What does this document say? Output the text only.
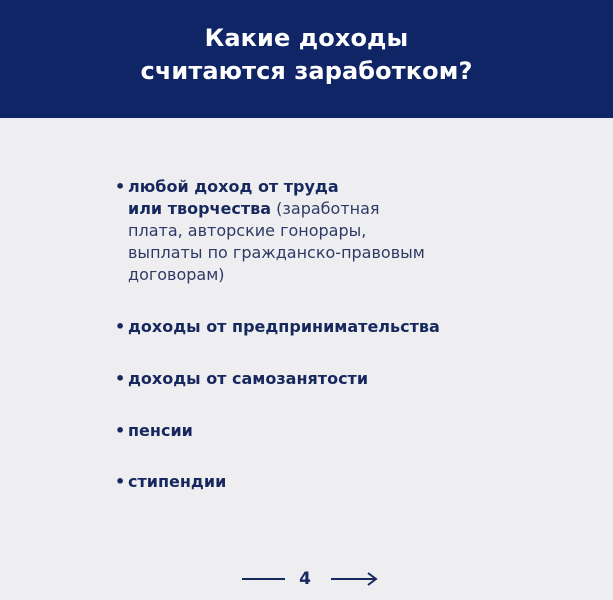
Какие доходы
считаются заработком?
• любой доход от труда
или творчества (заработная
плата, авторские гонорары,
выплаты по гражданско-правовым
договорам)
• доходы от предпринимательства
• доходы от самозанятости
• пенсии
• стипендии
4
